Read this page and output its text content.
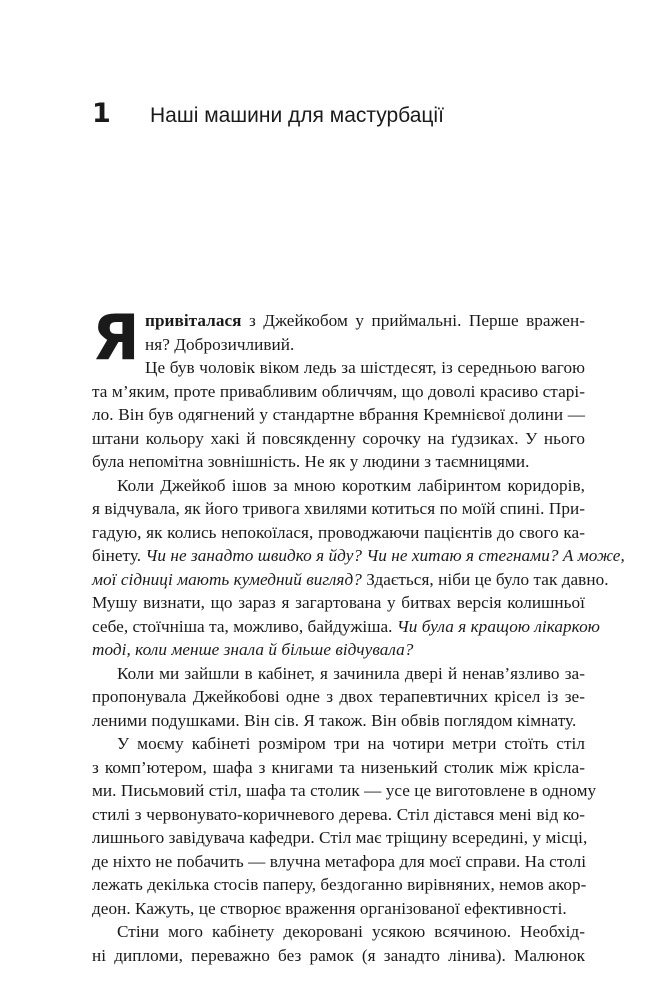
1	Наші машини для мастурбації
Я привіталася з Джейкобом у приймальні. Перше вражен-
ня? Доброзичливий.
Це був чоловік віком ледь за шістдесят, із середньою вагою
та м’яким, проте привабливим обличчям, що доволі красиво старі-
ло. Він був одягнений у стандартне вбрання Кремнієвої долини —
штани кольору хакі й повсякденну сорочку на ґудзиках. У нього
була непомітна зовнішність. Не як у людини з таємницями.
Коли Джейкоб ішов за мною коротким лабіринтом коридорів,
я відчувала, як його тривога хвилями котиться по моїй спині. При-
гадую, як колись непокоїлася, проводжаючи пацієнтів до свого ка-
бінету. Чи не занадто швидко я йду? Чи не хитаю я стегнами? А може,
мої сідниці мають кумедний вигляд? Здається, ніби це було так давно.
Мушу визнати, що зараз я загартована у битвах версія колишньої
себе, стоїчніша та, можливо, байдужіша. Чи була я кращою лікаркою
тоді, коли менше знала й більше відчувала?
Коли ми зайшли в кабінет, я зачинила двері й ненав’язливо за-
пропонувала Джейкобові одне з двох терапевтичних крісел із зе-
леними подушками. Він сів. Я також. Він обвів поглядом кімнату.
У моєму кабінеті розміром три на чотири метри стоїть стіл
з комп’ютером, шафа з книгами та низенький столик між крісла-
ми. Письмовий стіл, шафа та столик — усе це виготовлене в одному
стилі з червонувато-коричневого дерева. Стіл дістався мені від ко-
лишнього завідувача кафедри. Стіл має тріщину всередині, у місці,
де ніхто не побачить — влучна метафора для моєї справи. На столі
лежать декілька стосів паперу, бездоганно вирівняних, немов акор-
деон. Кажуть, це створює враження організованої ефективності.
Стіни мого кабінету декоровані усякою всячиною. Необхід-
ні дипломи, переважно без рамок (я занадто лінива). Малюнок
